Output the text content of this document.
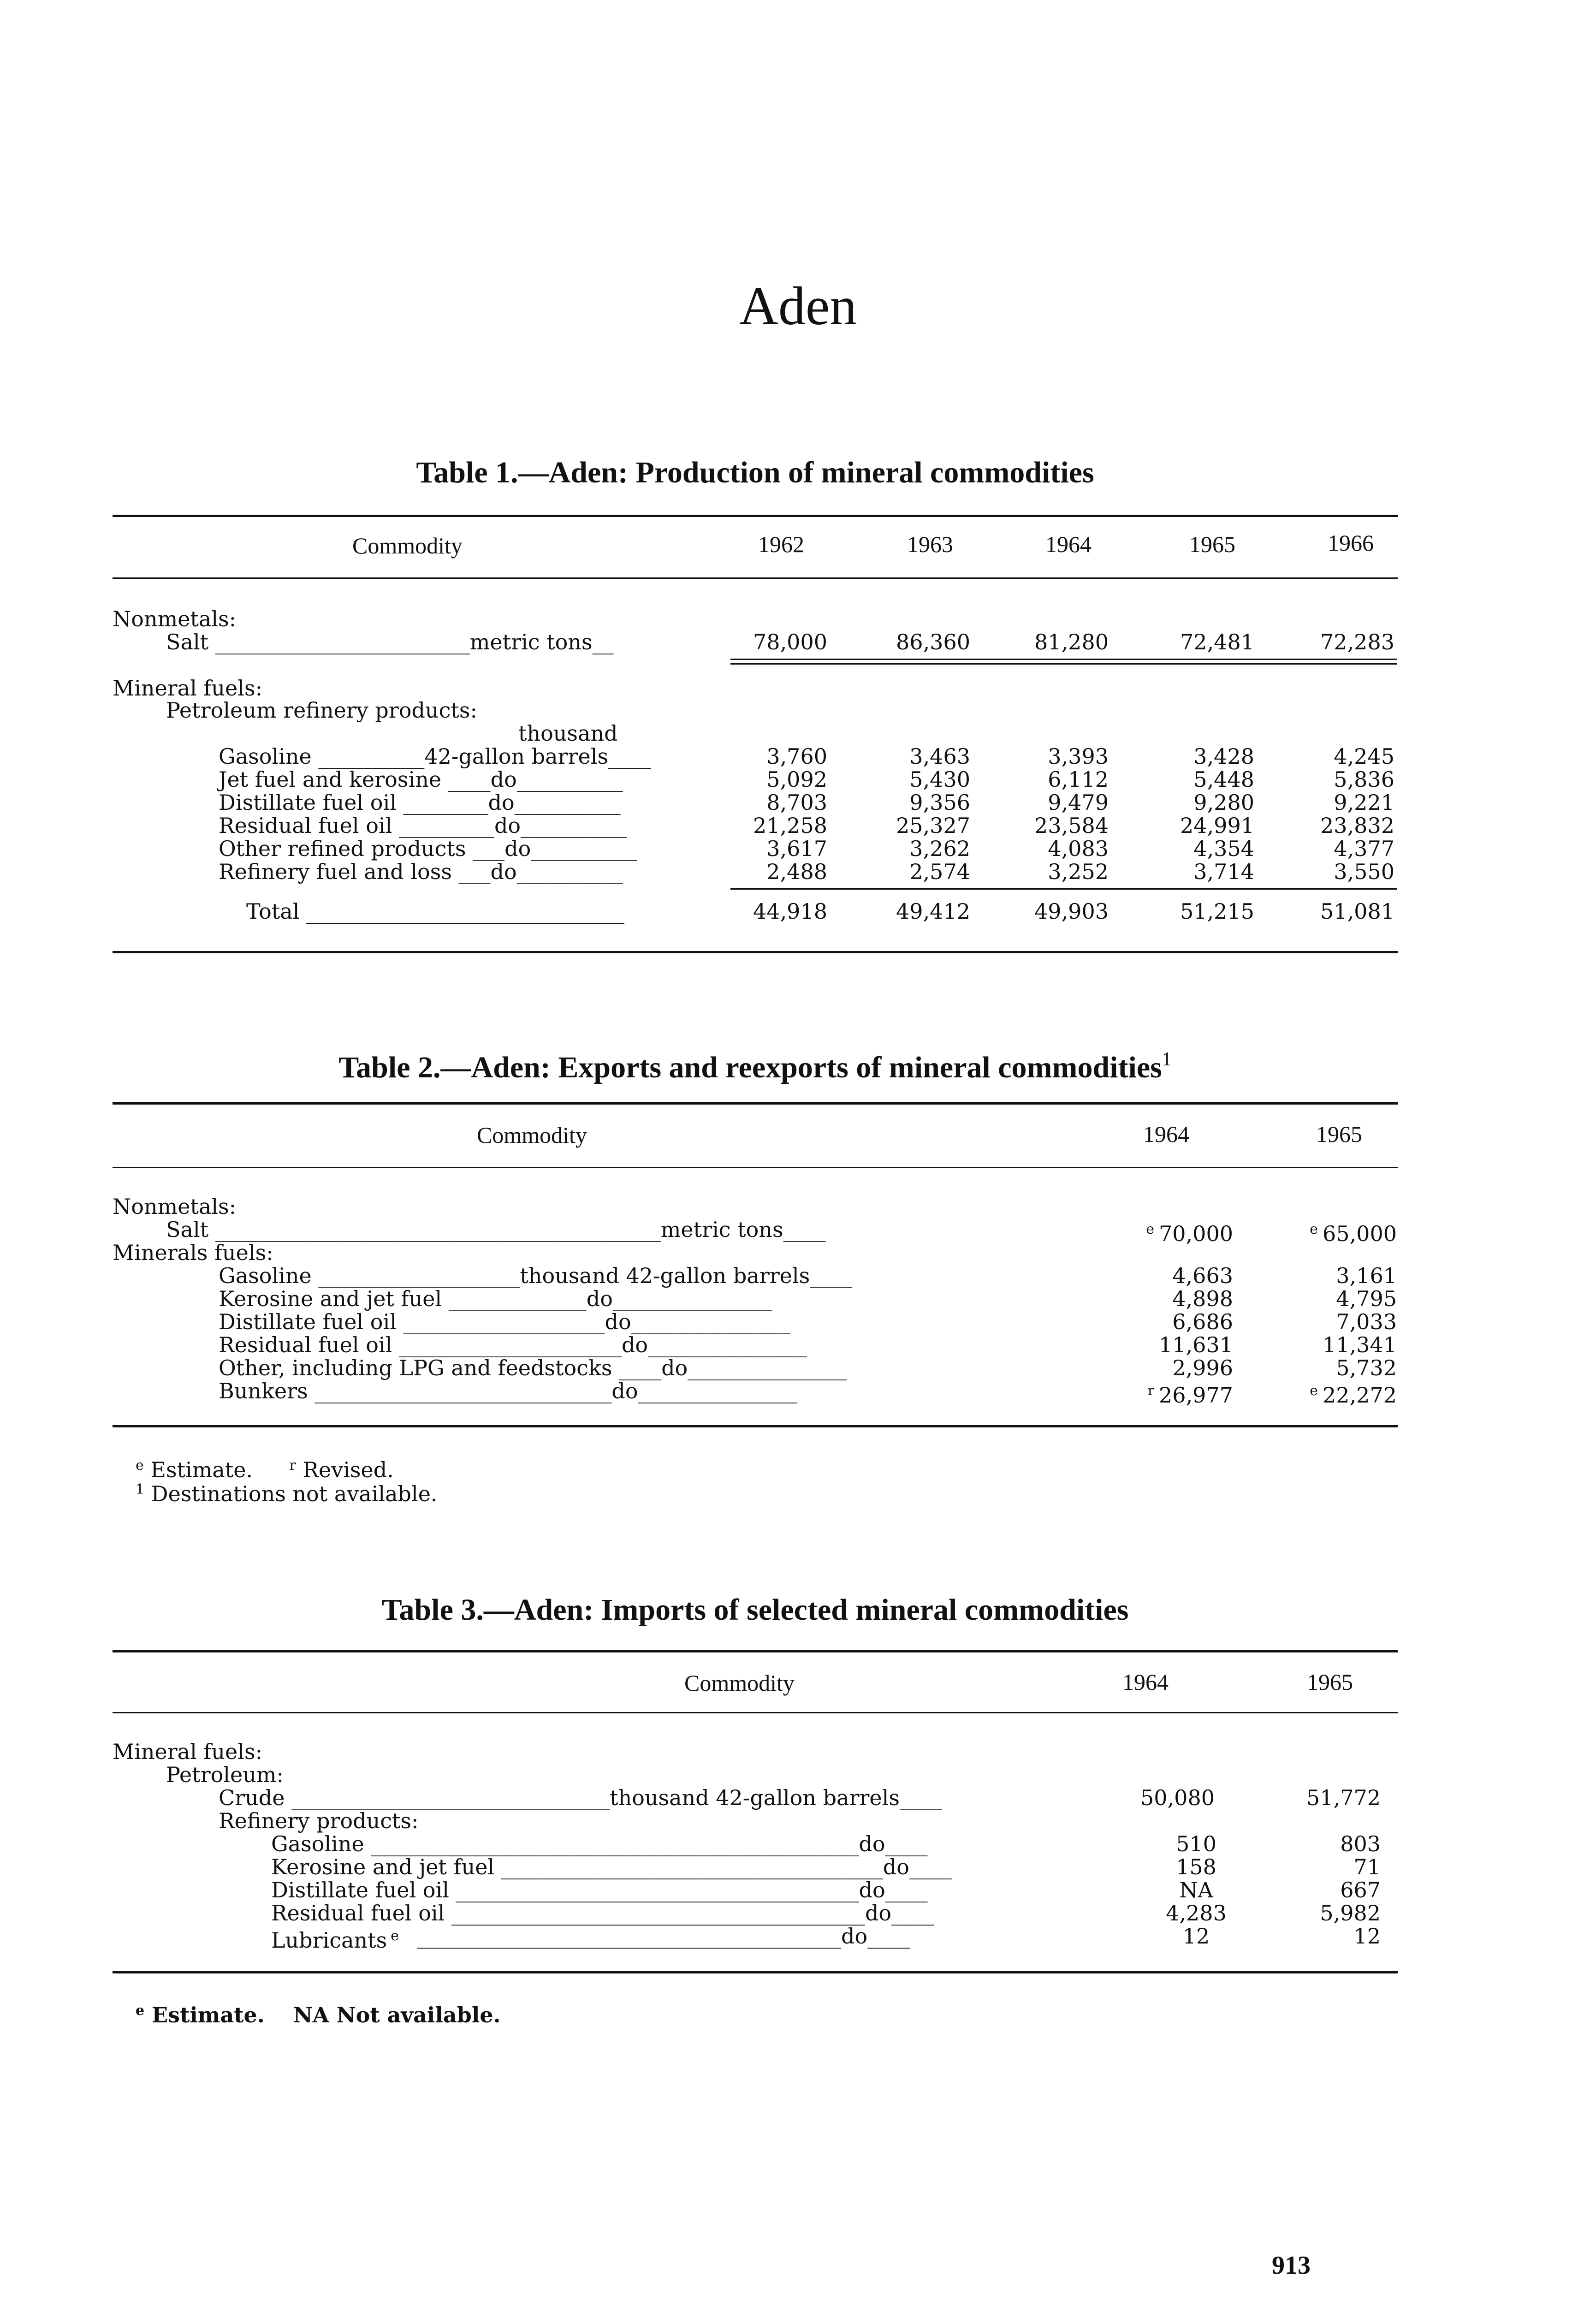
Aden
Table 1.—Aden: Production of mineral commodities
Commodity	1962	1963	1964	1965	1966
Nonmetals:
Salt ________________________metric tons__	78,000	86,360	81,280	72,481	72,283
Mineral fuels:
Petroleum refinery products:
thousand
Gasoline __________42-gallon barrels____	3,760	3,463	3,393	3,428	4,245
Jet fuel and kerosine ____do__________	5,092	5,430	6,112	5,448	5,836
Distillate fuel oil ________do__________	8,703	9,356	9,479	9,280	9,221
Residual fuel oil _________do__________	21,258	25,327	23,584	24,991	23,832
Other refined products ___do__________	3,617	3,262	4,083	4,354	4,377
Refinery fuel and loss ___do__________	2,488	2,574	3,252	3,714	3,550
Total ______________________________	44,918	49,412	49,903	51,215	51,081
Table 2.—Aden: Exports and reexports of mineral commodities$^1$
Commodity	1964	1965
Nonmetals:
Salt __________________________________________metric tons____	$^e$ 70,000	$^e$ 65,000
Minerals fuels:
Gasoline ___________________thousand 42-gallon barrels____	4,663	3,161
Kerosine and jet fuel _____________do_______________	4,898	4,795
Distillate fuel oil ___________________do_______________	6,686	7,033
Residual fuel oil _____________________do_______________	11,631	11,341
Other, including LPG and feedstocks ____do_______________	2,996	5,732
Bunkers ____________________________do_______________	$^r$ 26,977	$^e$ 22,272
$^e$ Estimate.	$^r$ Revised.
$^1$ Destinations not available.
Table 3.—Aden: Imports of selected mineral commodities
Commodity	1964	1965
Mineral fuels:
Petroleum:
Crude ______________________________thousand 42-gallon barrels____	50,080	51,772
Refinery products:
Gasoline ______________________________________________do____	510	803
Kerosine and jet fuel ____________________________________do____	158	71
Distillate fuel oil ______________________________________do____	NA	667
Residual fuel oil _______________________________________do____	4,283	5,982
Lubricants $^e$ ________________________________________do____	12	12
$^e$ Estimate. NA Not available.
913
